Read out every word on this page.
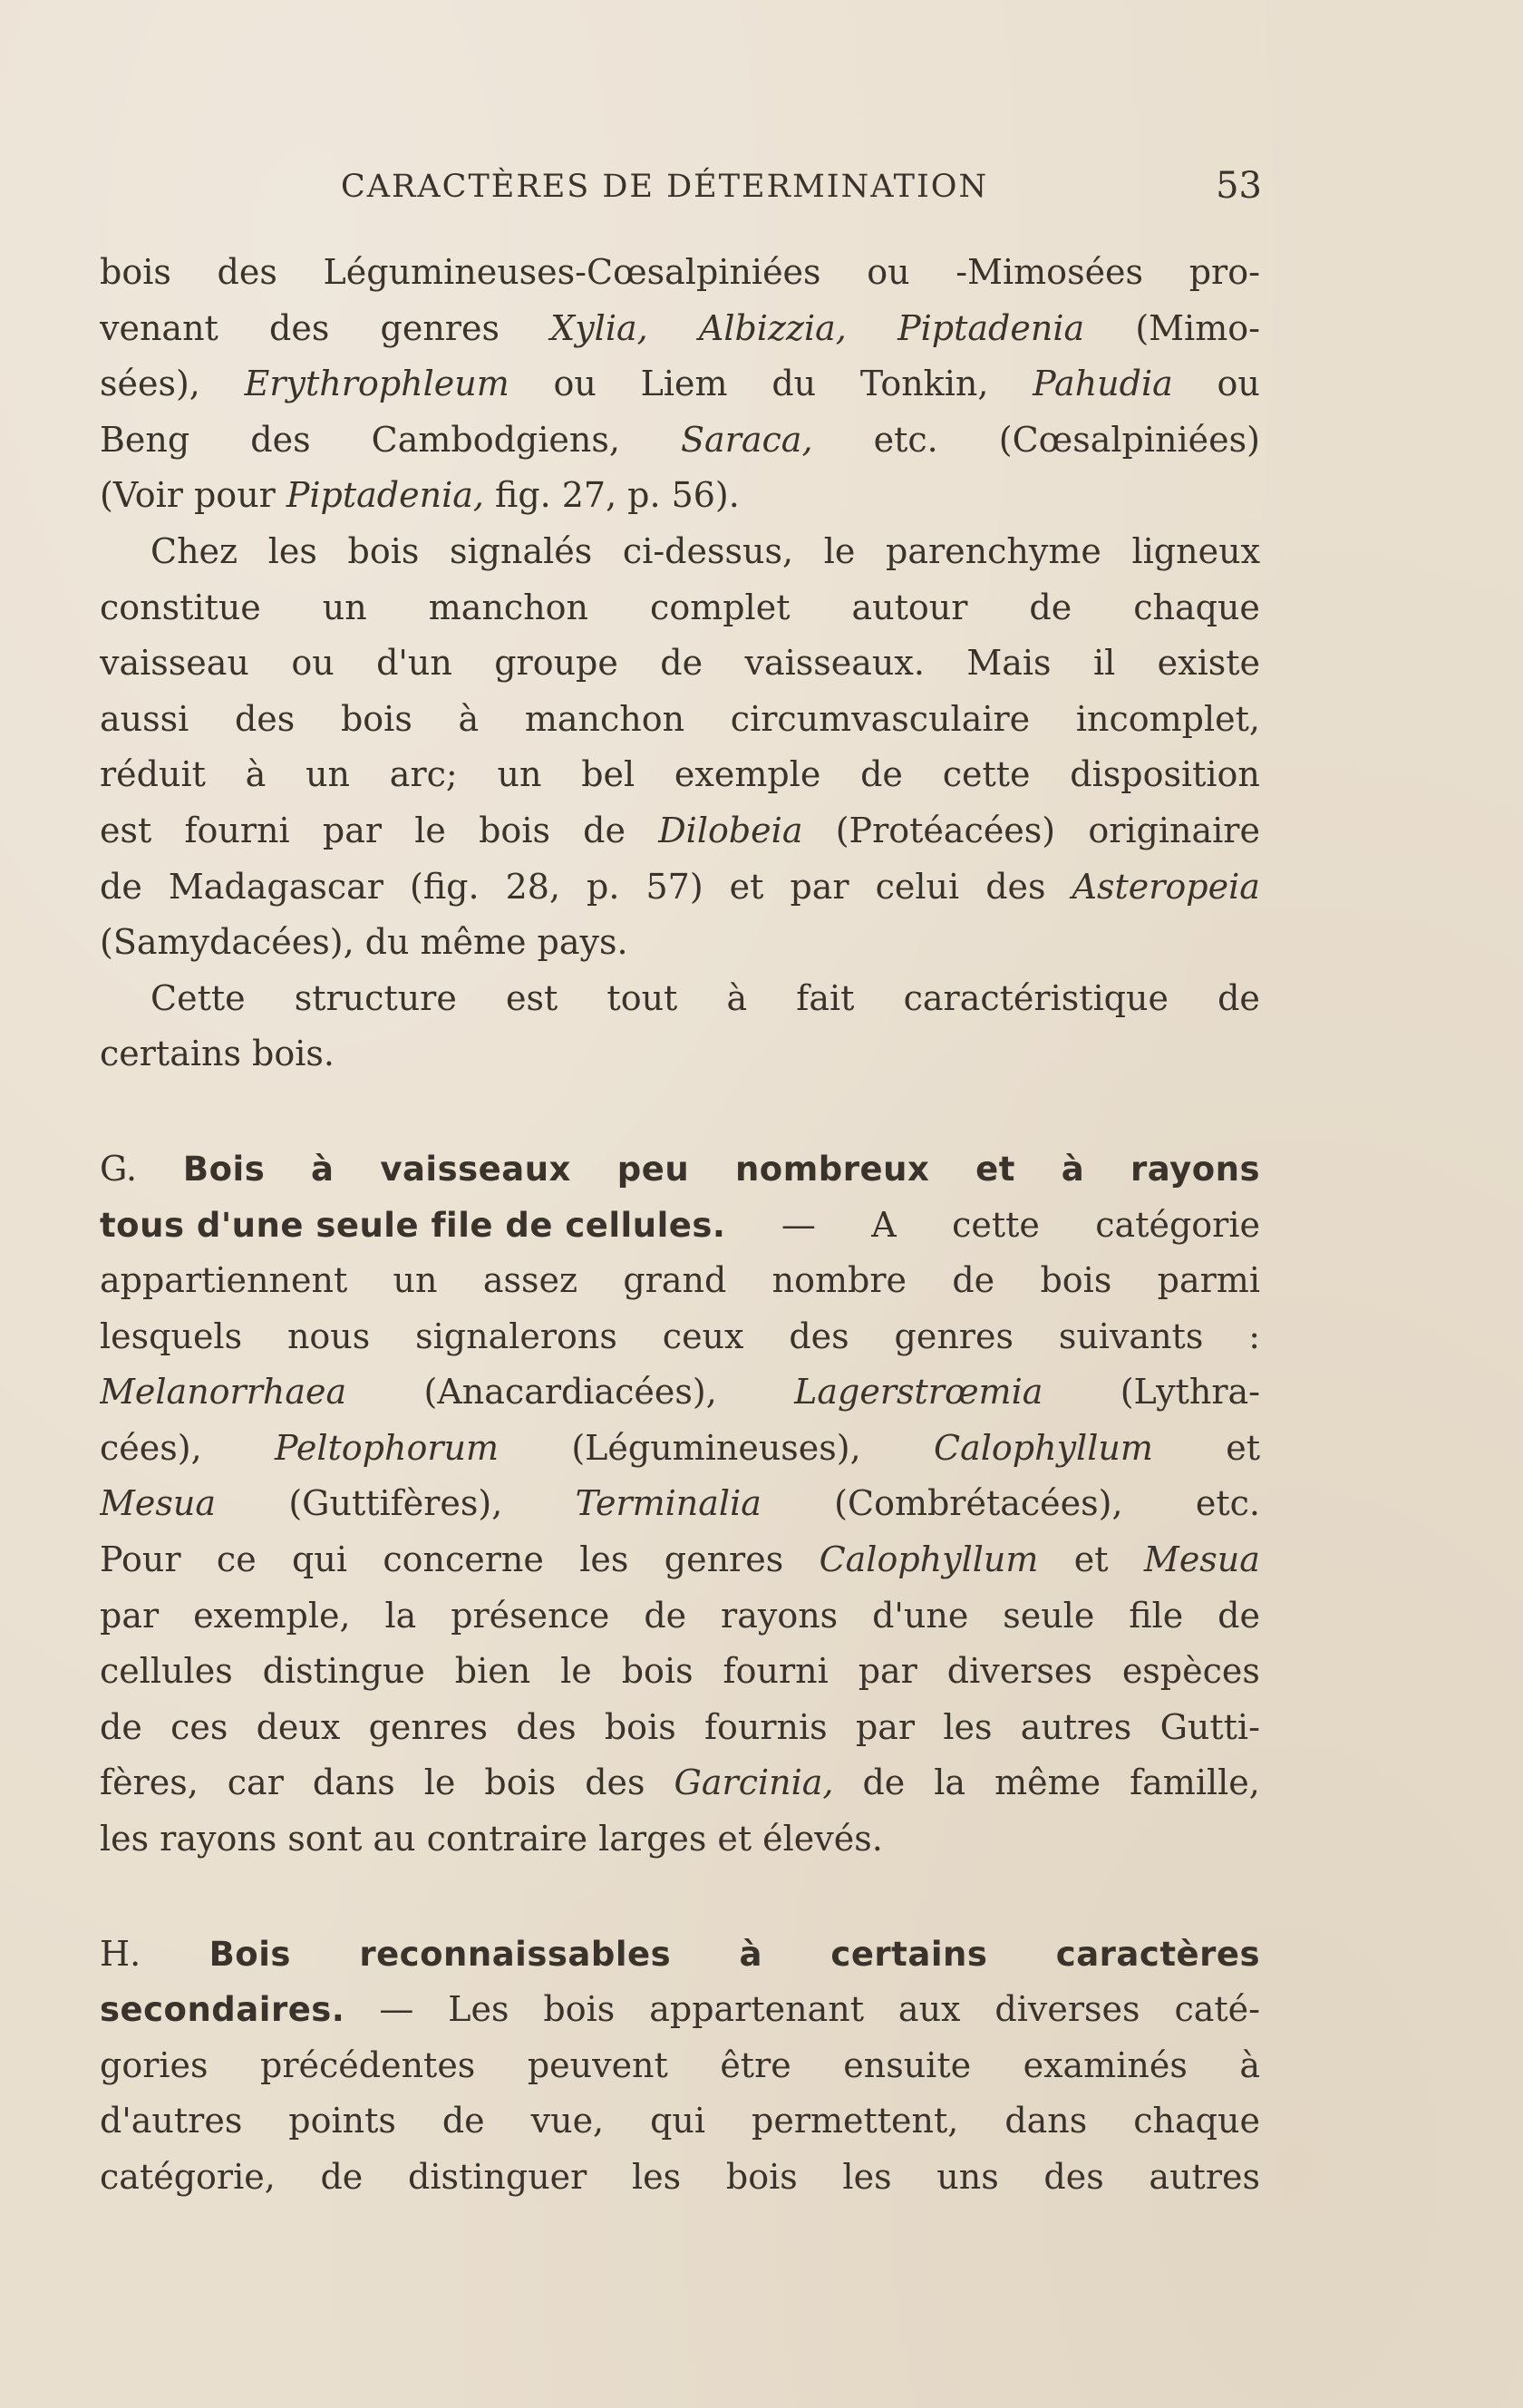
CARACTÈRES DE DÉTERMINATION	53
bois des Légumineuses-Cœsalpiniées ou -Mimosées pro-
venant des genres Xylia, Albizzia, Piptadenia (Mimo-
sées), Erythrophleum ou Liem du Tonkin, Pahudia ou
Beng des Cambodgiens, Saraca, etc. (Cœsalpiniées)
(Voir pour Piptadenia, fig. 27, p. 56).
Chez les bois signalés ci-dessus, le parenchyme ligneux
constitue un manchon complet autour de chaque
vaisseau ou d'un groupe de vaisseaux. Mais il existe
aussi des bois à manchon circumvasculaire incomplet,
réduit à un arc; un bel exemple de cette disposition
est fourni par le bois de Dilobeia (Protéacées) originaire
de Madagascar (fig. 28, p. 57) et par celui des Asteropeia
(Samydacées), du même pays.
Cette structure est tout à fait caractéristique de
certains bois.
G. Bois à vaisseaux peu nombreux et à rayons
tous d'une seule file de cellules. — A cette catégorie
appartiennent un assez grand nombre de bois parmi
lesquels nous signalerons ceux des genres suivants :
Melanorrhaea (Anacardiacées), Lagerstrœmia (Lythra-
cées), Peltophorum (Légumineuses), Calophyllum et
Mesua (Guttifères), Terminalia (Combrétacées), etc.
Pour ce qui concerne les genres Calophyllum et Mesua
par exemple, la présence de rayons d'une seule file de
cellules distingue bien le bois fourni par diverses espèces
de ces deux genres des bois fournis par les autres Gutti-
fères, car dans le bois des Garcinia, de la même famille,
les rayons sont au contraire larges et élevés.
H. Bois reconnaissables à certains caractères
secondaires. — Les bois appartenant aux diverses caté-
gories précédentes peuvent être ensuite examinés à
d'autres points de vue, qui permettent, dans chaque
catégorie, de distinguer les bois les uns des autres
